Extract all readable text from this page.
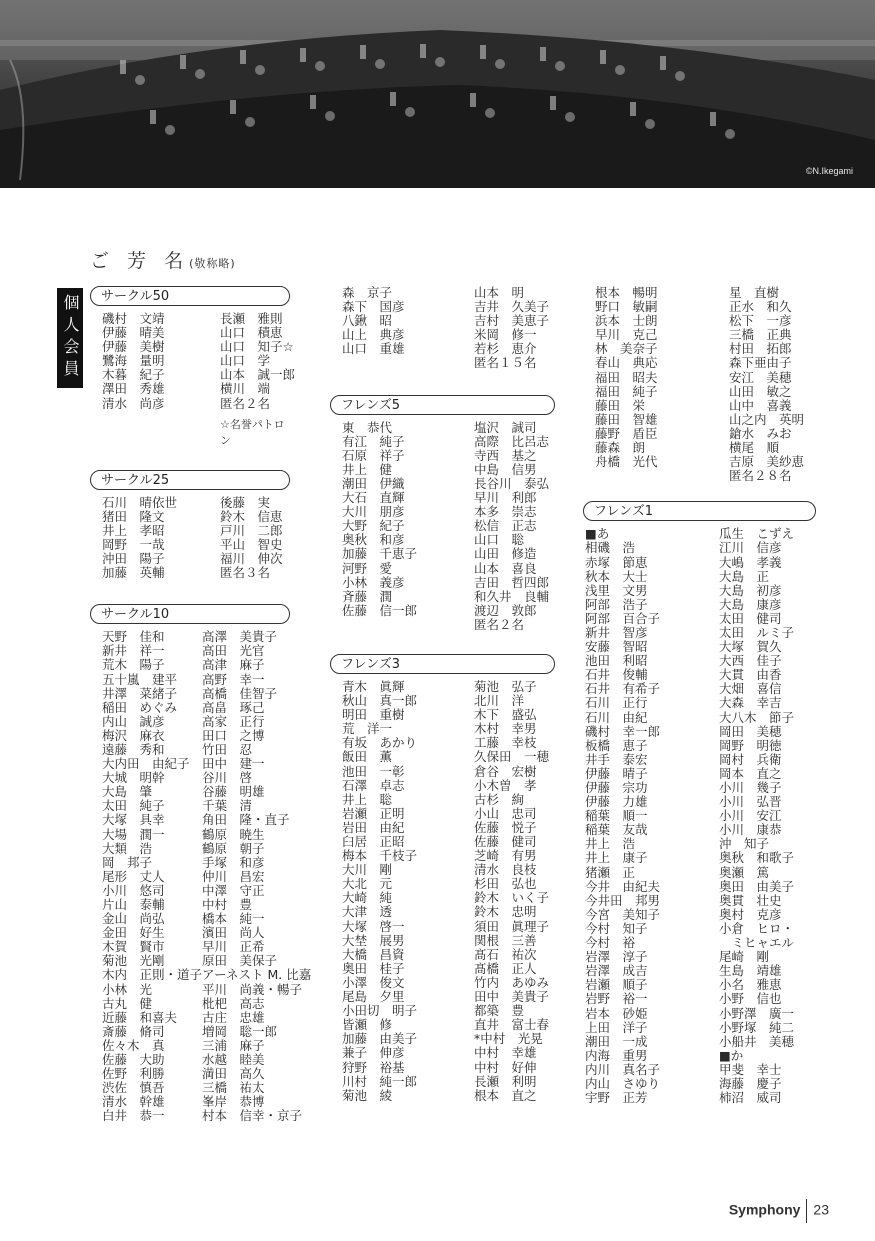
©N.Ikegami
ご 芳 名(敬称略)
個人会員	サークル50
磯村　文靖
伊藤　晴美
伊藤　美樹
鷺海　量明
木暮　紀子
澤田　秀雄
清水　尚彦
長瀬　雅則
山口　積恵
山口　知子☆
山口　学
山本　誠一郎
横川　端
匿名２名
☆名誉パトロン
サークル25
石川　晴依世
猪田　隆文
井上　孝昭
岡野　一哉
沖田　陽子
加藤　英輔
後藤　実
鈴木　信恵
戸川　二郎
平山　智史
福川　伸次
匿名３名
サークル10
天野　佳和
新井　祥一
荒木　陽子
五十嵐　建平
井澤　菜緒子
稲田　めぐみ
内山　誠彦
梅沢　麻衣
遠藤　秀和
大内田　由紀子
大城　明幹
大島　肇
太田　純子
大塚　具幸
大場　潤一
大類　浩
岡　邦子
尾形　丈人
小川　悠司
片山　泰輔
金山　尚弘
金田　好生
木賀　賢市
菊池　光剛
木内　正則・道子
小林　光
古丸　健
近藤　和喜夫
斎藤　脩司
佐々木　真
佐藤　大助
佐野　利勝
渋佐　慎吾
清水　幹雄
白井　恭一
高澤　美貴子
高田　光官
高津　麻子
高野　幸一
高橋　佳智子
高畠　琢己
高家　正行
田口　之博
竹田　忍
田中　建一
谷川　啓
谷藤　明雄
千葉　清
角田　隆・直子
鶴原　暁生
鶴原　朝子
手塚　和彦
仲川　昌宏
中澤　守正
中村　豊
橋本　純一
濱田　尚人
早川　正希
原田　美保子
アーネスト M. 比嘉
平川　尚義・暢子
枇杷　高志
古庄　忠雄
増岡　聡一郎
三浦　麻子
水越　睦美
満田　高久
三橋　祐太
峯岸　恭博
村本　信幸・京子
森　京子
森下　国彦
八鍬　昭
山上　典彦
山口　重雄
山本　明
吉井　久美子
吉村　美恵子
米岡　修一
若杉　恵介
匿名１５名
フレンズ5
東　恭代
有江　純子
石原　祥子
井上　健
潮田　伊織
大石　直輝
大川　朋彦
大野　紀子
奥秋　和彦
加藤　千恵子
河野　愛
小林　義彦
斉藤　潤
佐藤　信一郎
塩沢　誠司
高際　比呂志
寺西　基之
中島　信男
長谷川　泰弘
早川　利郎
本多　崇志
松信　正志
山口　聡
山田　修造
山本　喜良
吉田　哲四郎
和久井　良輔
渡辺　敦郎
匿名２名
フレンズ3
青木　眞輝
秋山　真一郎
明田　重樹
荒　洋一
有坂　あかり
飯田　薫
池田　一彰
石澤　卓志
井上　聡
岩瀬　正明
岩田　由紀
臼居　正昭
梅本　千枝子
大川　剛
大北　元
大崎　純
大津　透
大塚　啓一
大埜　展男
大橋　昌資
奥田　桂子
小澤　俊文
尾島　夕里
小田切　明子
皆瀬　修
加藤　由美子
兼子　伸彦
狩野　裕基
川村　純一郎
菊池　綾
菊池　弘子
北川　洋
木下　盛弘
木村　幸男
工藤　幸枝
久保田　一穂
倉谷　宏樹
小木曽　孝
古杉　絢
小山　忠司
佐藤　悦子
佐藤　健司
芝崎　有男
清水　良枝
杉田　弘也
鈴木　いく子
鈴木　忠明
須田　眞理子
関根　三善
髙石　祐次
髙橋　正人
竹内　あゆみ
田中　美貴子
都築　豊
直井　富士春
*中村　光晃
中村　幸雄
中村　好伸
長瀬　利明
根本　直之
根本　暢明
野口　敏嗣
浜本　士朗
早川　克己
林　美奈子
春山　典応
福田　昭夫
福田　純子
藤田　栄
藤田　智雄
藤野　盾臣
藤森　朗
舟橋　光代
星　直樹
正水　和久
松下　一彦
三橋　正典
村田　拓郎
森下亜由子
安江　美穂
山田　敏之
山中　喜義
山之内　英明
鎗水　みお
横尾　順
吉原　美紗恵
匿名２８名
フレンズ1
■あ
相磯　浩
赤塚　節恵
秋本　大士
浅里　文男
阿部　浩子
阿部　百合子
新井　智彦
安藤　智昭
池田　利昭
石井　俊輔
石井　有希子
石川　正行
石川　由紀
磯村　幸一郎
板橋　恵子
井手　泰宏
伊藤　晴子
伊藤　宗功
伊藤　力雄
稲葉　順一
稲葉　友哉
井上　浩
井上　康子
猪瀬　正
今井　由紀夫
今井田　邦男
今宮　美知子
今村　知子
今村　裕
岩澤　淳子
岩澤　成吉
岩瀬　順子
岩野　裕一
岩本　砂姫
上田　洋子
潮田　一成
内海　重男
内川　真名子
内山　さゆり
宇野　正芳
瓜生　こずえ
江川　信彦
大嶋　孝義
大島　正
大島　初彦
大島　康彦
太田　健司
太田　ルミ子
大塚　賀久
大西　佳子
大貫　由香
大畑　喜信
大森　幸吉
大八木　節子
岡田　美穂
岡野　明徳
岡村　兵衛
岡本　直之
小川　幾子
小川　弘晋
小川　安江
小川　康恭
沖　知子
奥秋　和歌子
奥瀬　篤
奥田　由美子
奥貫　壮史
奥村　克彦
小倉　ヒロ・
　ミヒャエル
尾崎　剛
生島　靖雄
小名　雅恵
小野　信也
小野澤　廣一
小野塚　純二
小船井　美穂
■か
甲斐　幸士
海藤　慶子
柿沼　威司
Symphony 23
